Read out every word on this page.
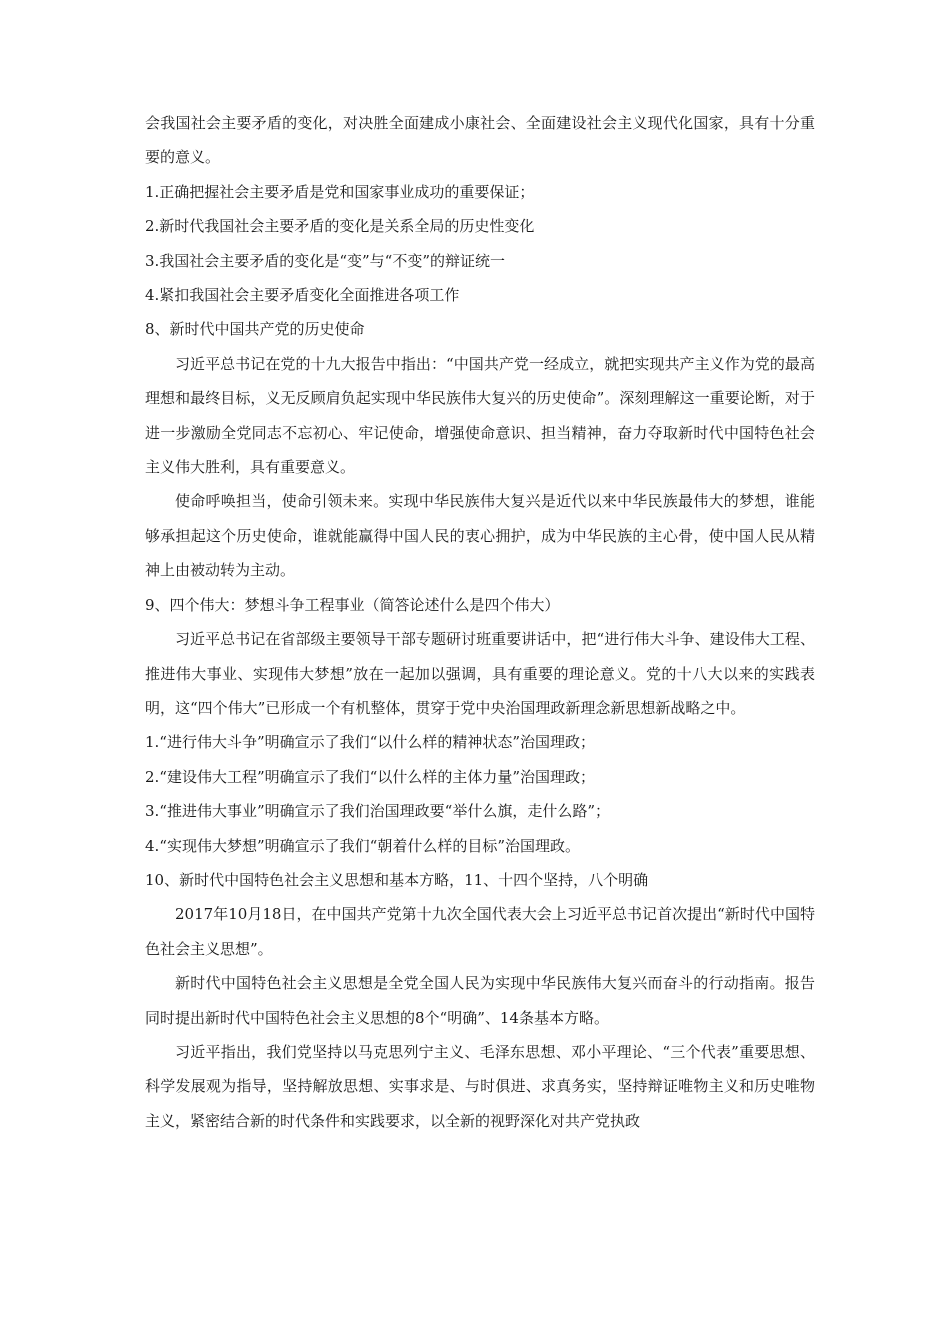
会我国社会主要矛盾的变化，对决胜全面建成小康社会、全面建设社会主义现代化国家，具有十分重要的意义。

1.正确把握社会主要矛盾是党和国家事业成功的重要保证；

2.新时代我国社会主要矛盾的变化是关系全局的历史性变化

3.我国社会主要矛盾的变化是“变”与“不变”的辩证统一

4.紧扣我国社会主要矛盾变化全面推进各项工作

8、新时代中国共产党的历史使命

习近平总书记在党的十九大报告中指出：“中国共产党一经成立，就把实现共产主义作为党的最高理想和最终目标，义无反顾肩负起实现中华民族伟大复兴的历史使命”。深刻理解这一重要论断，对于进一步激励全党同志不忘初心、牢记使命，增强使命意识、担当精神，奋力夺取新时代中国特色社会主义伟大胜利，具有重要意义。

使命呼唤担当，使命引领未来。实现中华民族伟大复兴是近代以来中华民族最伟大的梦想，谁能够承担起这个历史使命，谁就能赢得中国人民的衷心拥护，成为中华民族的主心骨，使中国人民从精神上由被动转为主动。

9、四个伟大：梦想斗争工程事业（简答论述什么是四个伟大）

习近平总书记在省部级主要领导干部专题研讨班重要讲话中，把“进行伟大斗争、建设伟大工程、推进伟大事业、实现伟大梦想”放在一起加以强调，具有重要的理论意义。党的十八大以来的实践表明，这“四个伟大”已形成一个有机整体，贯穿于党中央治国理政新理念新思想新战略之中。

1.“进行伟大斗争”明确宣示了我们“以什么样的精神状态”治国理政；

2.“建设伟大工程”明确宣示了我们“以什么样的主体力量”治国理政；

3.“推进伟大事业”明确宣示了我们治国理政要“举什么旗，走什么路”；

4.“实现伟大梦想”明确宣示了我们“朝着什么样的目标”治国理政。

10、新时代中国特色社会主义思想和基本方略，11、十四个坚持，八个明确

2017年10月18日，在中国共产党第十九次全国代表大会上习近平总书记首次提出“新时代中国特色社会主义思想”。

新时代中国特色社会主义思想是全党全国人民为实现中华民族伟大复兴而奋斗的行动指南。报告同时提出新时代中国特色社会主义思想的8个“明确”、14条基本方略。

习近平指出，我们党坚持以马克思列宁主义、毛泽东思想、邓小平理论、“三个代表”重要思想、科学发展观为指导，坚持解放思想、实事求是、与时俱进、求真务实，坚持辩证唯物主义和历史唯物主义，紧密结合新的时代条件和实践要求，以全新的视野深化对共产党执政
